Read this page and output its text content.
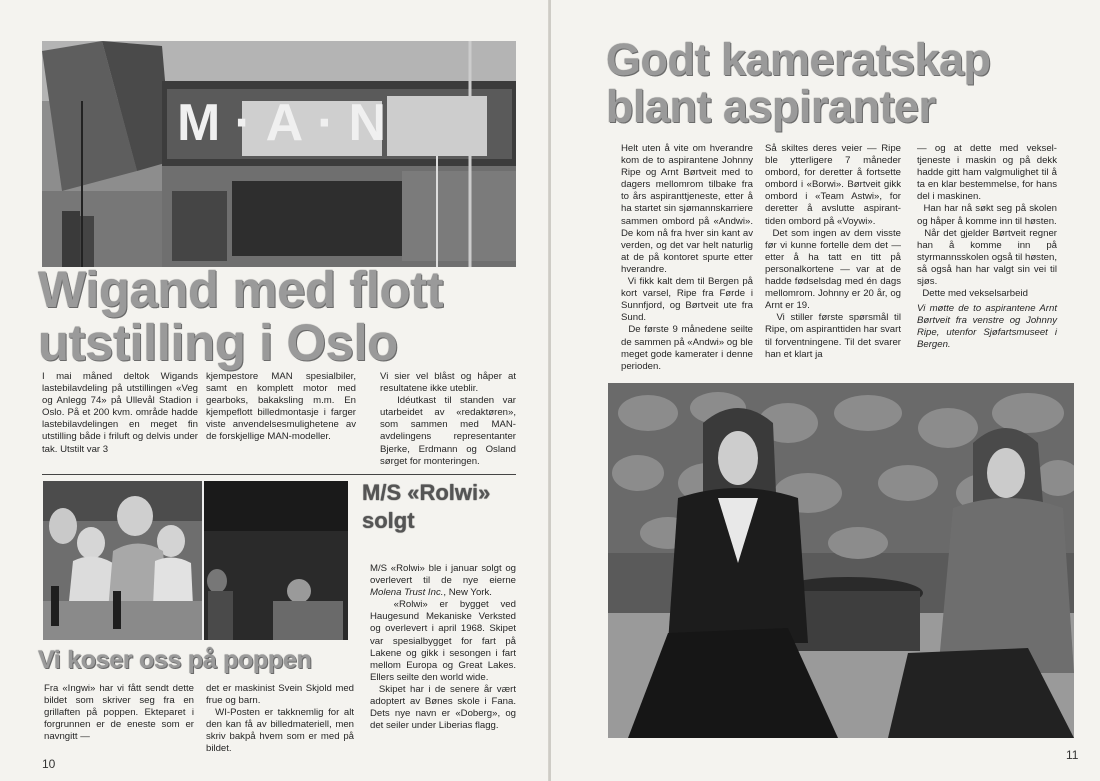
M·A·N
Wigand med flott
utstilling i Oslo

I mai måned deltok Wigands lastebilavdeling på utstillingen «Veg og Anlegg 74» på Ullevål Stadion i Oslo. På et 200 kvm. område hadde lastebilavdelingen en meget fin utstilling både i friluft og delvis under tak. Utstilt var 3

kjempestore MAN spesialbiler, samt en komplett motor med gearboks, bakaksling m.m. En kjempeflott billedmontasje i farger viste anvendelsesmulighetene av de forskjellige MAN-modeller.

Vi sier vel blåst og håper at resultatene ikke uteblir.
Idéutkast til standen var utarbeidet av «redaktøren», som sammen med MAN-avdelingens representanter Bjerke, Erdmann og Osland sørget for monteringen.

M/S «Rolwi»
solgt

M/S «Rolwi» ble i januar solgt og overlevert til de nye eierne Molena Trust Inc., New York.
«Rolwi» er bygget ved Haugesund Mekaniske Verksted og overlevert i april 1968. Skipet var spesialbygget for fart på Lakene og gikk i sesongen i fart mellom Europa og Great Lakes. Ellers seilte den world wide.
Skipet har i de senere år vært adoptert av Bønes skole i Fana. Dets nye navn er «Doberg», og det seiler under Liberias flagg.

Vi koser oss på poppen

Fra «Ingwi» har vi fått sendt dette bildet som skriver seg fra en grillaften på poppen. Ekteparet i forgrunnen er de eneste som er navngitt —

det er maskinist Svein Skjold med frue og barn.
WI-Posten er takknemlig for alt den kan få av billedmateriell, men skriv bakpå hvem som er med på bildet.

10
Godt kameratskap
blant aspiranter

Helt uten å vite om hverandre kom de to aspirantene Johnny Ripe og Arnt Børtveit med to dagers mellomrom tilbake fra to års aspiranttjeneste, etter å ha startet sin sjømannskarriere sammen ombord på «Andwi». De kom nå fra hver sin kant av verden, og det var helt naturlig at de på kontoret spurte etter hverandre.
Vi fikk kalt dem til Bergen på kort varsel, Ripe fra Førde i Sunnfjord, og Børtveit ute fra Sund.
De første 9 månedene seilte de sammen på «Andwi» og ble meget gode kamerater i denne perioden.

Så skiltes deres veier — Ripe ble ytterligere 7 måneder ombord, for deretter å fortsette ombord i «Borwi». Børtveit gikk ombord i «Team Astwi», for deretter å avslutte aspirant-tiden ombord på «Voywi».
Det som ingen av dem visste før vi kunne fortelle dem det — etter å ha tatt en titt på personalkortene — var at de hadde fødselsdag med én dags mellomrom. Johnny er 20 år, og Arnt er 19.
Vi stiller første spørsmål til Ripe, om aspiranttiden har svart til forventningene. Til det svarer han et klart ja

— og at dette med vekseltjeneste i maskin og på dekk hadde gitt ham valgmulighet til å ta en klar bestemmelse, for hans del i maskinen.
Han har nå søkt seg på skolen og håper å komme inn til høsten.
Når det gjelder Børtveit regner han å komme inn på styrmannsskolen også til høsten, så også han har valgt sin vei til sjøs.
Dette med vekselsarbeid

Vi møtte de to aspirantene Arnt Børtveit fra venstre og Johnny Ripe, utenfor Sjøfartsmuseet i Bergen.

11
